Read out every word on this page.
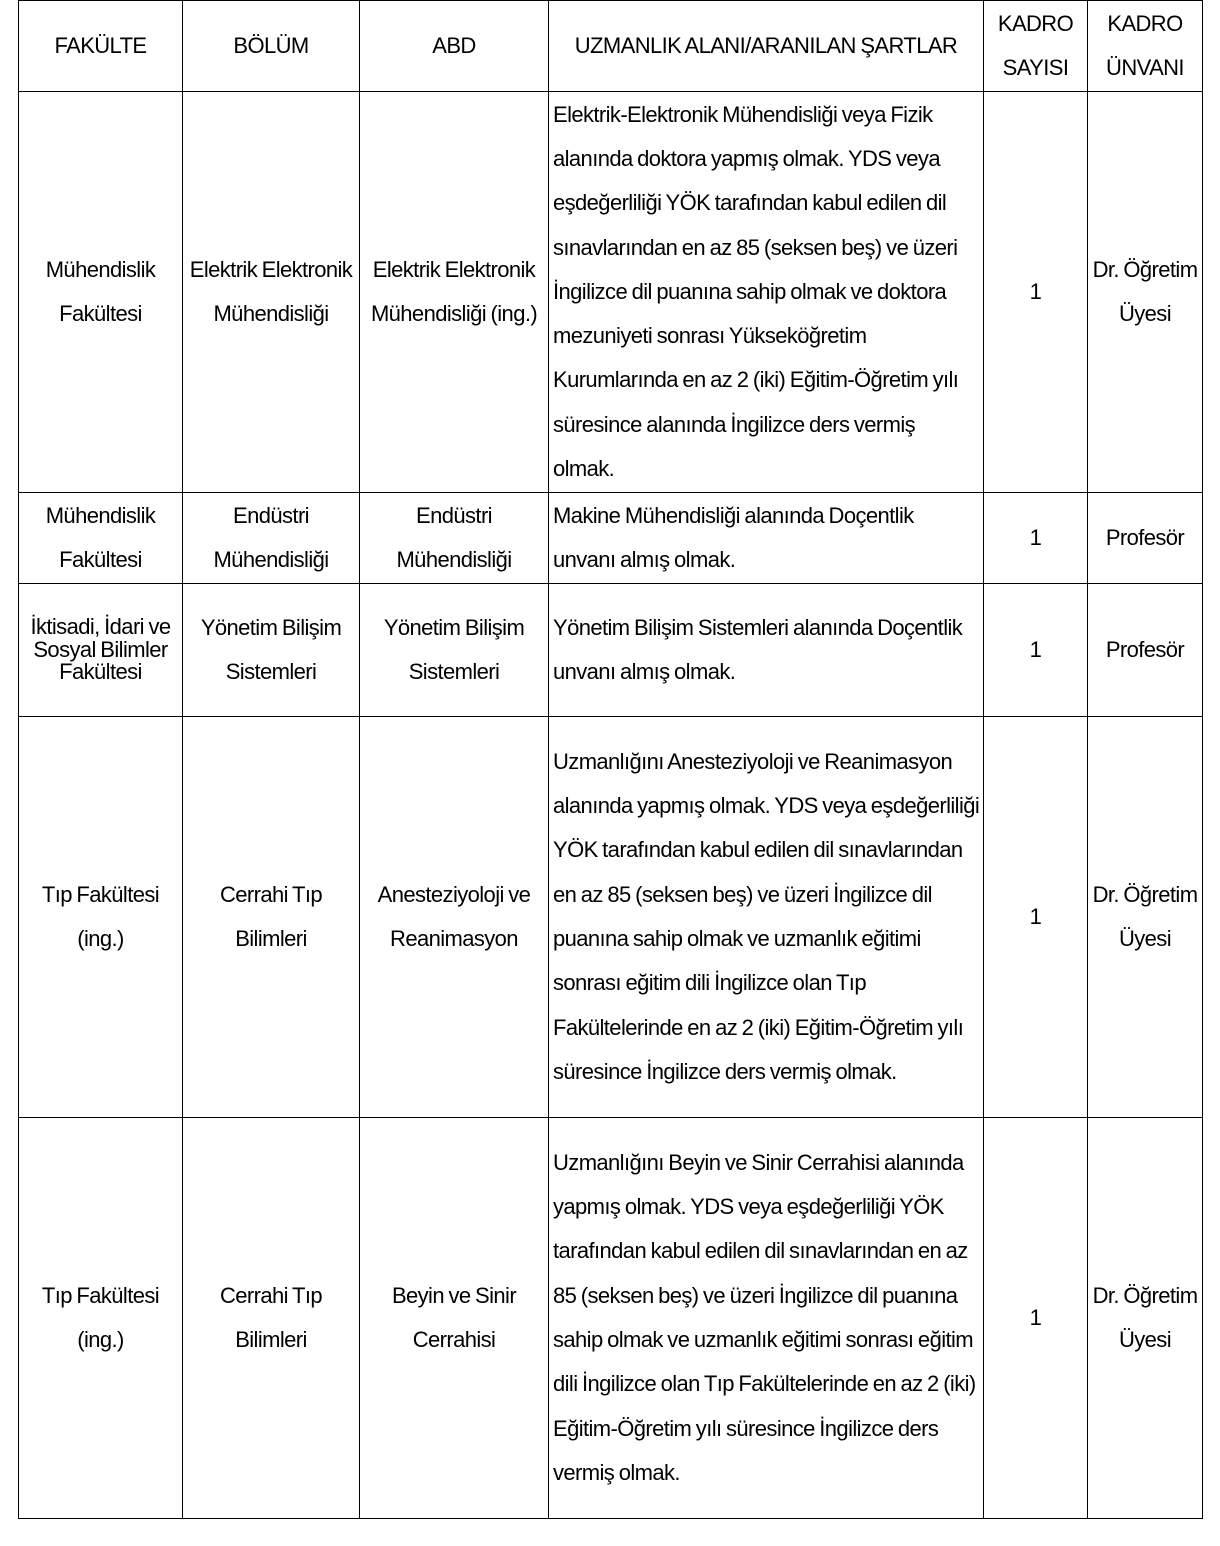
FAKÜLTE	BÖLÜM	ABD	UZMANLIK ALANI/ARANILAN ŞARTLAR	KADRO SAYISI	KADRO ÜNVANI
Mühendislik Fakültesi	Elektrik Elektronik Mühendisliği	Elektrik Elektronik Mühendisliği (ing.)	Elektrik-Elektronik Mühendisliği veya Fizik alanında doktora yapmış olmak. YDS veya eşdeğerliliği YÖK tarafından kabul edilen dil sınavlarından en az 85 (seksen beş) ve üzeri İngilizce dil puanına sahip olmak ve doktora mezuniyeti sonrası Yükseköğretim Kurumlarında en az 2 (iki) Eğitim-Öğretim yılı süresince alanında İngilizce ders vermiş olmak.	1	Dr. Öğretim Üyesi
Mühendislik Fakültesi	Endüstri Mühendisliği	Endüstri Mühendisliği	Makine Mühendisliği alanında Doçentlik unvanı almış olmak.	1	Profesör
İktisadi, İdari ve Sosyal Bilimler Fakültesi	Yönetim Bilişim Sistemleri	Yönetim Bilişim Sistemleri	Yönetim Bilişim Sistemleri alanında Doçentlik unvanı almış olmak.	1	Profesör
Tıp Fakültesi (ing.)	Cerrahi Tıp Bilimleri	Anesteziyoloji ve Reanimasyon	Uzmanlığını Anesteziyoloji ve Reanimasyon alanında yapmış olmak. YDS veya eşdeğerliliği YÖK tarafından kabul edilen dil sınavlarından en az 85 (seksen beş) ve üzeri İngilizce dil puanına sahip olmak ve uzmanlık eğitimi sonrası eğitim dili İngilizce olan Tıp Fakültelerinde en az 2 (iki) Eğitim-Öğretim yılı süresince İngilizce ders vermiş olmak.	1	Dr. Öğretim Üyesi
Tıp Fakültesi (ing.)	Cerrahi Tıp Bilimleri	Beyin ve Sinir Cerrahisi	Uzmanlığını Beyin ve Sinir Cerrahisi alanında yapmış olmak. YDS veya eşdeğerliliği YÖK tarafından kabul edilen dil sınavlarından en az 85 (seksen beş) ve üzeri İngilizce dil puanına sahip olmak ve uzmanlık eğitimi sonrası eğitim dili İngilizce olan Tıp Fakültelerinde en az 2 (iki) Eğitim-Öğretim yılı süresince İngilizce ders vermiş olmak.	1	Dr. Öğretim Üyesi
